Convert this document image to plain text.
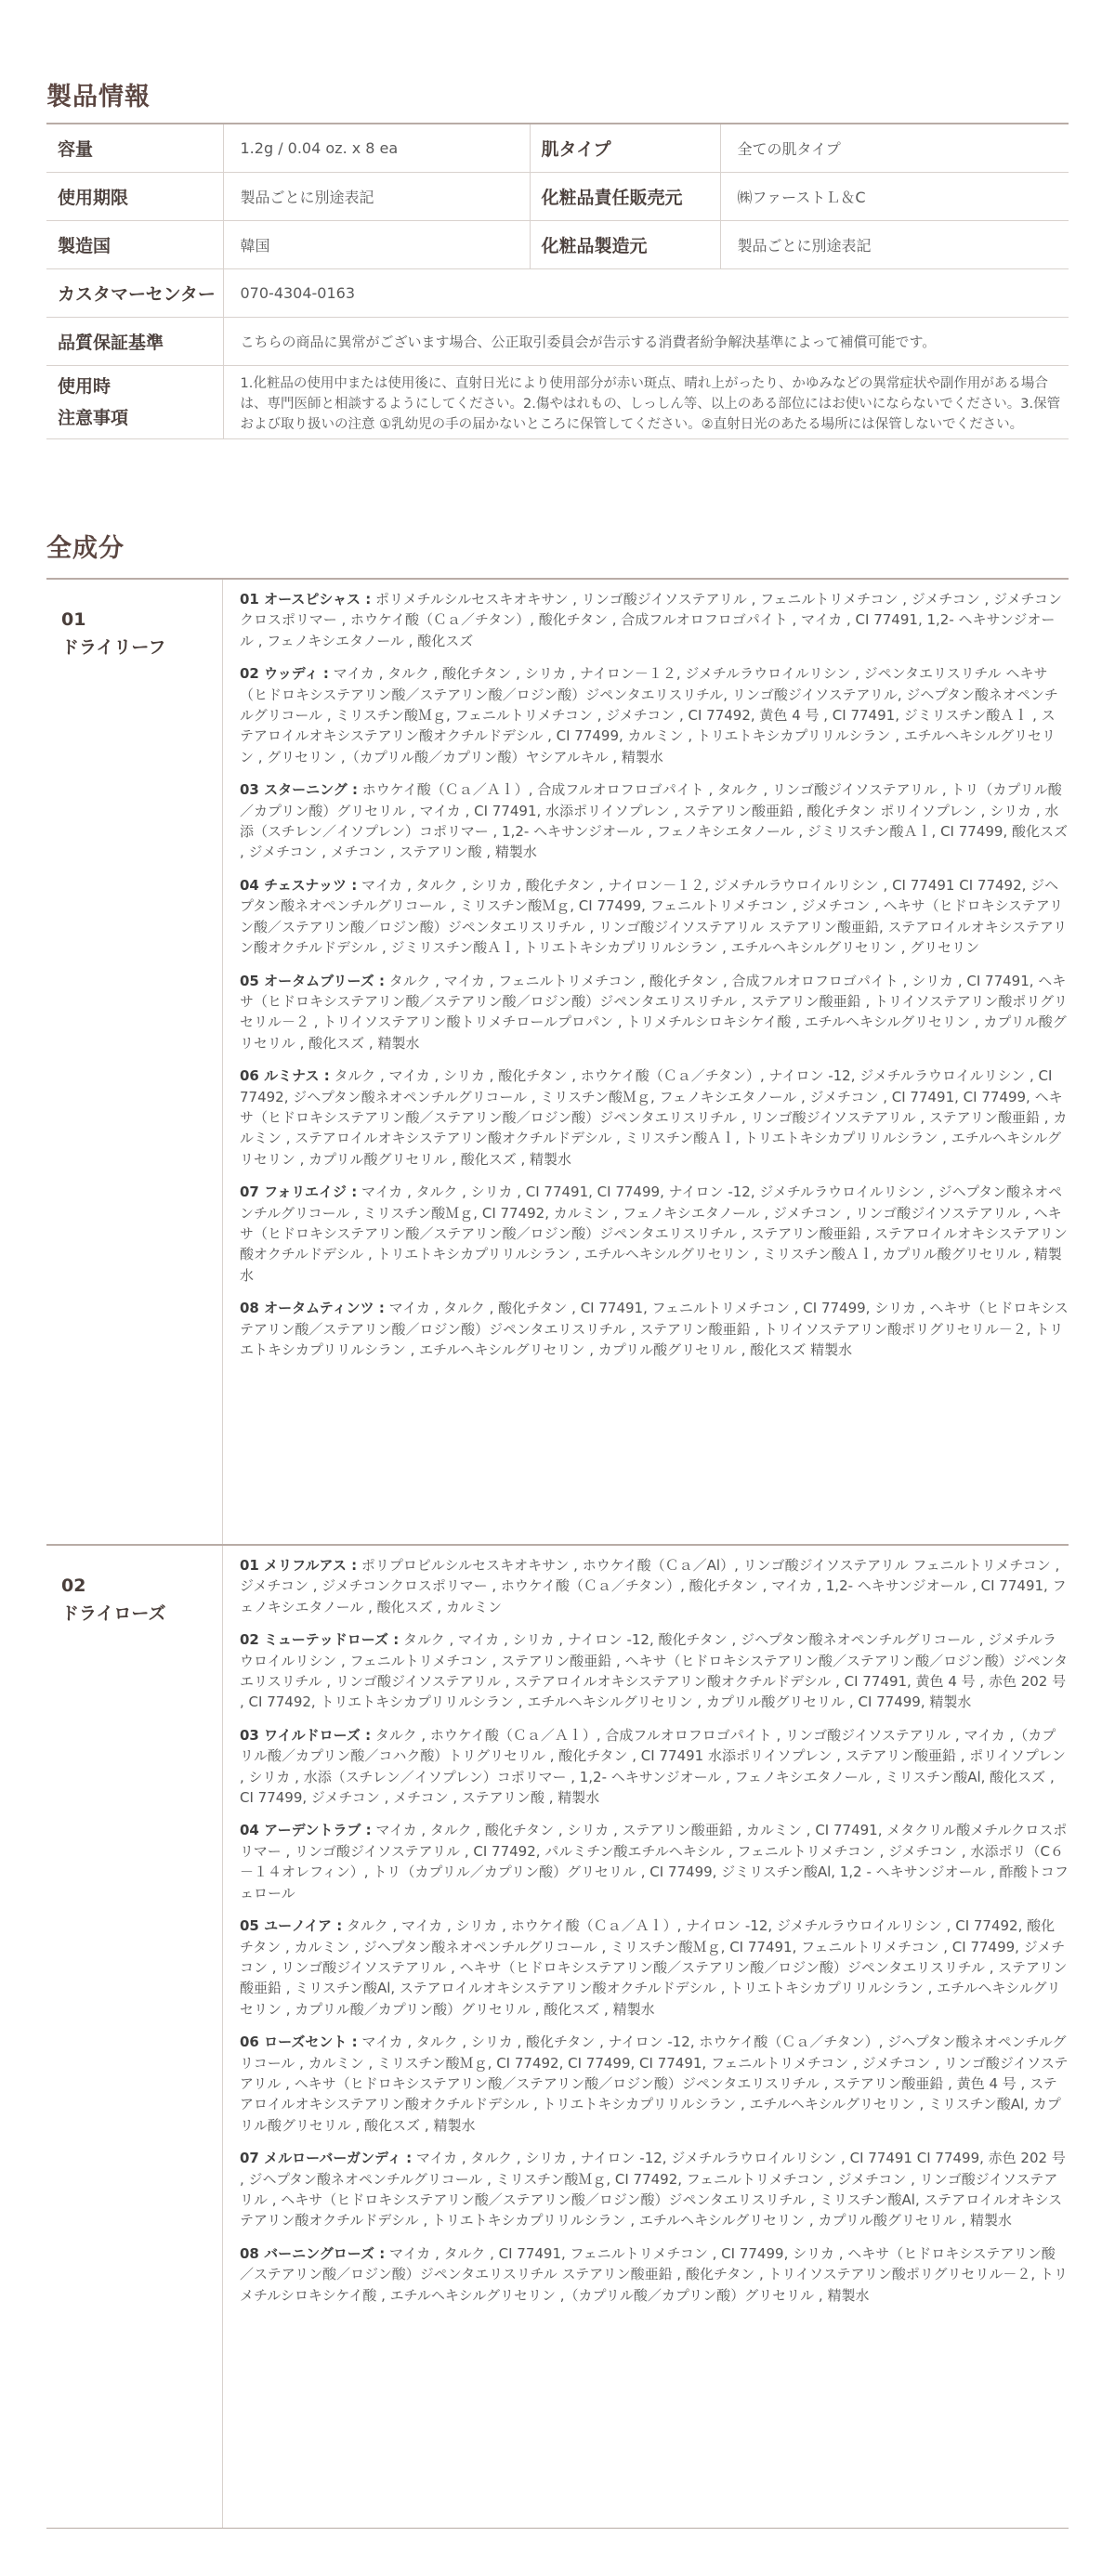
製品情報
容量	1.2g / 0.04 oz. x 8 ea	肌タイプ	全ての肌タイプ
使用期限	製品ごとに別途表記	化粧品責任販売元	㈱ファーストＬ＆C
製造国	韓国	化粧品製造元	製品ごとに別途表記
カスタマーセンター	070-4304-0163		
品質保証基準	こちらの商品に異常がございます場合、公正取引委員会が告示する消費者紛争解決基準によって補償可能です。		

使用時
注意事項	1.化粧品の使用中または使用後に、直射日光により使用部分が赤い斑点、晴れ上がったり、かゆみなどの異常症状や副作用がある場合は、専門医師と相談するようにしてください。2.傷やはれもの、しっしん等、以上のある部位にはお使いにならないでください。3.保管および取り扱いの注意 ①乳幼児の手の届かないところに保管してください。②直射日光のあたる場所には保管しないでください。		
全成分
01
ドライリーフ

01 オースピシャス : ポリメチルシルセスキオキサン , リンゴ酸ジイソステアリル , フェニルトリメチコン , ジメチコン , ジメチコンクロスポリマー , ホウケイ酸（Ｃａ／チタン）, 酸化チタン , 合成フルオロフロゴパイト , マイカ , CI 77491, 1,2- ヘキサンジオール , フェノキシエタノール , 酸化スズ

02 ウッディ : マイカ , タルク , 酸化チタン , シリカ , ナイロン－１２, ジメチルラウロイルリシン , ジペンタエリスリチル ヘキサ（ヒドロキシステアリン酸／ステアリン酸／ロジン酸）ジペンタエリスリチル, リンゴ酸ジイソステアリル, ジヘプタン酸ネオペンチルグリコール , ミリスチン酸Ｍｇ, フェニルトリメチコン , ジメチコン , CI 77492, 黄色 4 号 , CI 77491, ジミリスチン酸Ａｌ , ステアロイルオキシステアリン酸オクチルドデシル , CI 77499, カルミン , トリエトキシカプリリルシラン , エチルヘキシルグリセリン , グリセリン ,（カプリル酸／カプリン酸）ヤシアルキル , 精製水

03 スターニング : ホウケイ酸（Ｃａ／Ａｌ）, 合成フルオロフロゴパイト , タルク , リンゴ酸ジイソステアリル , トリ（カプリル酸／カプリン酸）グリセリル , マイカ , CI 77491, 水添ポリイソプレン , ステアリン酸亜鉛 , 酸化チタン ポリイソプレン , シリカ , 水添（スチレン／イソプレン）コポリマー , 1,2- ヘキサンジオール , フェノキシエタノール , ジミリスチン酸Ａｌ, CI 77499, 酸化スズ , ジメチコン , メチコン , ステアリン酸 , 精製水

04 チェスナッツ : マイカ , タルク , シリカ , 酸化チタン , ナイロン－１２, ジメチルラウロイルリシン , CI 77491 CI 77492, ジヘプタン酸ネオペンチルグリコール , ミリスチン酸Ｍｇ, CI 77499, フェニルトリメチコン , ジメチコン , ヘキサ（ヒドロキシステアリン酸／ステアリン酸／ロジン酸）ジペンタエリスリチル , リンゴ酸ジイソステアリル ステアリン酸亜鉛, ステアロイルオキシステアリン酸オクチルドデシル , ジミリスチン酸Ａｌ, トリエトキシカプリリルシラン , エチルヘキシルグリセリン , グリセリン

05 オータムブリーズ : タルク , マイカ , フェニルトリメチコン , 酸化チタン , 合成フルオロフロゴパイト , シリカ , CI 77491, ヘキサ（ヒドロキシステアリン酸／ステアリン酸／ロジン酸）ジペンタエリスリチル , ステアリン酸亜鉛 , トリイソステアリン酸ポリグリセリル－２ , トリイソステアリン酸トリメチロールプロパン , トリメチルシロキシケイ酸 , エチルヘキシルグリセリン , カプリル酸グリセリル , 酸化スズ , 精製水

06 ルミナス : タルク , マイカ , シリカ , 酸化チタン , ホウケイ酸（Ｃａ／チタン）, ナイロン -12, ジメチルラウロイルリシン , CI 77492, ジヘプタン酸ネオペンチルグリコール , ミリスチン酸Ｍｇ, フェノキシエタノール , ジメチコン , CI 77491, CI 77499, ヘキサ（ヒドロキシステアリン酸／ステアリン酸／ロジン酸）ジペンタエリスリチル , リンゴ酸ジイソステアリル , ステアリン酸亜鉛 , カルミン , ステアロイルオキシステアリン酸オクチルドデシル , ミリスチン酸Ａｌ, トリエトキシカプリリルシラン , エチルヘキシルグリセリン , カプリル酸グリセリル , 酸化スズ , 精製水

07 フォリエイジ : マイカ , タルク , シリカ , CI 77491, CI 77499, ナイロン -12, ジメチルラウロイルリシン , ジヘプタン酸ネオペンチルグリコール , ミリスチン酸Ｍｇ, CI 77492, カルミン , フェノキシエタノール , ジメチコン , リンゴ酸ジイソステアリル , ヘキサ（ヒドロキシステアリン酸／ステアリン酸／ロジン酸）ジペンタエリスリチル , ステアリン酸亜鉛 , ステアロイルオキシステアリン酸オクチルドデシル , トリエトキシカプリリルシラン , エチルヘキシルグリセリン , ミリスチン酸Ａｌ, カプリル酸グリセリル , 精製水

08 オータムティンツ : マイカ , タルク , 酸化チタン , CI 77491, フェニルトリメチコン , CI 77499, シリカ , ヘキサ（ヒドロキシステアリン酸／ステアリン酸／ロジン酸）ジペンタエリスリチル , ステアリン酸亜鉛 , トリイソステアリン酸ポリグリセリル－２, トリエトキシカプリリルシラン , エチルヘキシルグリセリン , カプリル酸グリセリル , 酸化スズ 精製水

02
ドライローズ

01 メリフルアス : ポリプロピルシルセスキオキサン , ホウケイ酸（Ｃａ／Al）, リンゴ酸ジイソステアリル フェニルトリメチコン , ジメチコン , ジメチコンクロスポリマー , ホウケイ酸（Ｃａ／チタン）, 酸化チタン , マイカ , 1,2- ヘキサンジオール , CI 77491, フェノキシエタノール , 酸化スズ , カルミン

02 ミューテッドローズ : タルク , マイカ , シリカ , ナイロン -12, 酸化チタン , ジヘプタン酸ネオペンチルグリコール , ジメチルラウロイルリシン , フェニルトリメチコン , ステアリン酸亜鉛 , ヘキサ（ヒドロキシステアリン酸／ステアリン酸／ロジン酸）ジペンタエリスリチル , リンゴ酸ジイソステアリル , ステアロイルオキシステアリン酸オクチルドデシル , CI 77491, 黄色 4 号 , 赤色 202 号 , CI 77492, トリエトキシカプリリルシラン , エチルヘキシルグリセリン , カプリル酸グリセリル , CI 77499, 精製水

03 ワイルドローズ : タルク , ホウケイ酸（Ｃａ／Ａｌ）, 合成フルオロフロゴパイト , リンゴ酸ジイソステアリル , マイカ ,（カプリル酸／カプリン酸／コハク酸）トリグリセリル , 酸化チタン , CI 77491 水添ポリイソプレン , ステアリン酸亜鉛 , ポリイソプレン , シリカ , 水添（スチレン／イソプレン）コポリマー , 1,2- ヘキサンジオール , フェノキシエタノール , ミリスチン酸Al, 酸化スズ , CI 77499, ジメチコン , メチコン , ステアリン酸 , 精製水

04 アーデントラブ : マイカ , タルク , 酸化チタン , シリカ , ステアリン酸亜鉛 , カルミン , CI 77491, メタクリル酸メチルクロスポリマー , リンゴ酸ジイソステアリル , CI 77492, パルミチン酸エチルヘキシル , フェニルトリメチコン , ジメチコン , 水添ポリ（C６－１４オレフィン）, トリ（カプリル／カプリン酸）グリセリル , CI 77499, ジミリスチン酸Al, 1,2 - ヘキサンジオール , 酢酸トコフェロール

05 ユーノイア : タルク , マイカ , シリカ , ホウケイ酸（Ｃａ／Ａｌ）, ナイロン -12, ジメチルラウロイルリシン , CI 77492, 酸化チタン , カルミン , ジヘプタン酸ネオペンチルグリコール , ミリスチン酸Ｍｇ, CI 77491, フェニルトリメチコン , CI 77499, ジメチコン , リンゴ酸ジイソステアリル , ヘキサ（ヒドロキシステアリン酸／ステアリン酸／ロジン酸）ジペンタエリスリチル , ステアリン酸亜鉛 , ミリスチン酸Al, ステアロイルオキシステアリン酸オクチルドデシル , トリエトキシカプリリルシラン , エチルヘキシルグリセリン , カプリル酸／カプリン酸）グリセリル , 酸化スズ , 精製水

06 ローズセント : マイカ , タルク , シリカ , 酸化チタン , ナイロン -12, ホウケイ酸（Ｃａ／チタン）, ジヘプタン酸ネオペンチルグリコール , カルミン , ミリスチン酸Ｍｇ, CI 77492, CI 77499, CI 77491, フェニルトリメチコン , ジメチコン , リンゴ酸ジイソステアリル , ヘキサ（ヒドロキシステアリン酸／ステアリン酸／ロジン酸）ジペンタエリスリチル , ステアリン酸亜鉛 , 黄色 4 号 , ステアロイルオキシステアリン酸オクチルドデシル , トリエトキシカプリリルシラン , エチルヘキシルグリセリン , ミリスチン酸Al, カプリル酸グリセリル , 酸化スズ , 精製水

07 メルローバーガンディ : マイカ , タルク , シリカ , ナイロン -12, ジメチルラウロイルリシン , CI 77491 CI 77499, 赤色 202 号 , ジヘプタン酸ネオペンチルグリコール , ミリスチン酸Ｍｇ, CI 77492, フェニルトリメチコン , ジメチコン , リンゴ酸ジイソステアリル , ヘキサ（ヒドロキシステアリン酸／ステアリン酸／ロジン酸）ジペンタエリスリチル , ミリスチン酸Al, ステアロイルオキシステアリン酸オクチルドデシル , トリエトキシカプリリルシラン , エチルヘキシルグリセリン , カプリル酸グリセリル , 精製水

08 バーニングローズ : マイカ , タルク , CI 77491, フェニルトリメチコン , CI 77499, シリカ , ヘキサ（ヒドロキシステアリン酸／ステアリン酸／ロジン酸）ジペンタエリスリチル ステアリン酸亜鉛 , 酸化チタン , トリイソステアリン酸ポリグリセリル－２, トリメチルシロキシケイ酸 , エチルヘキシルグリセリン ,（カプリル酸／カプリン酸）グリセリル , 精製水
